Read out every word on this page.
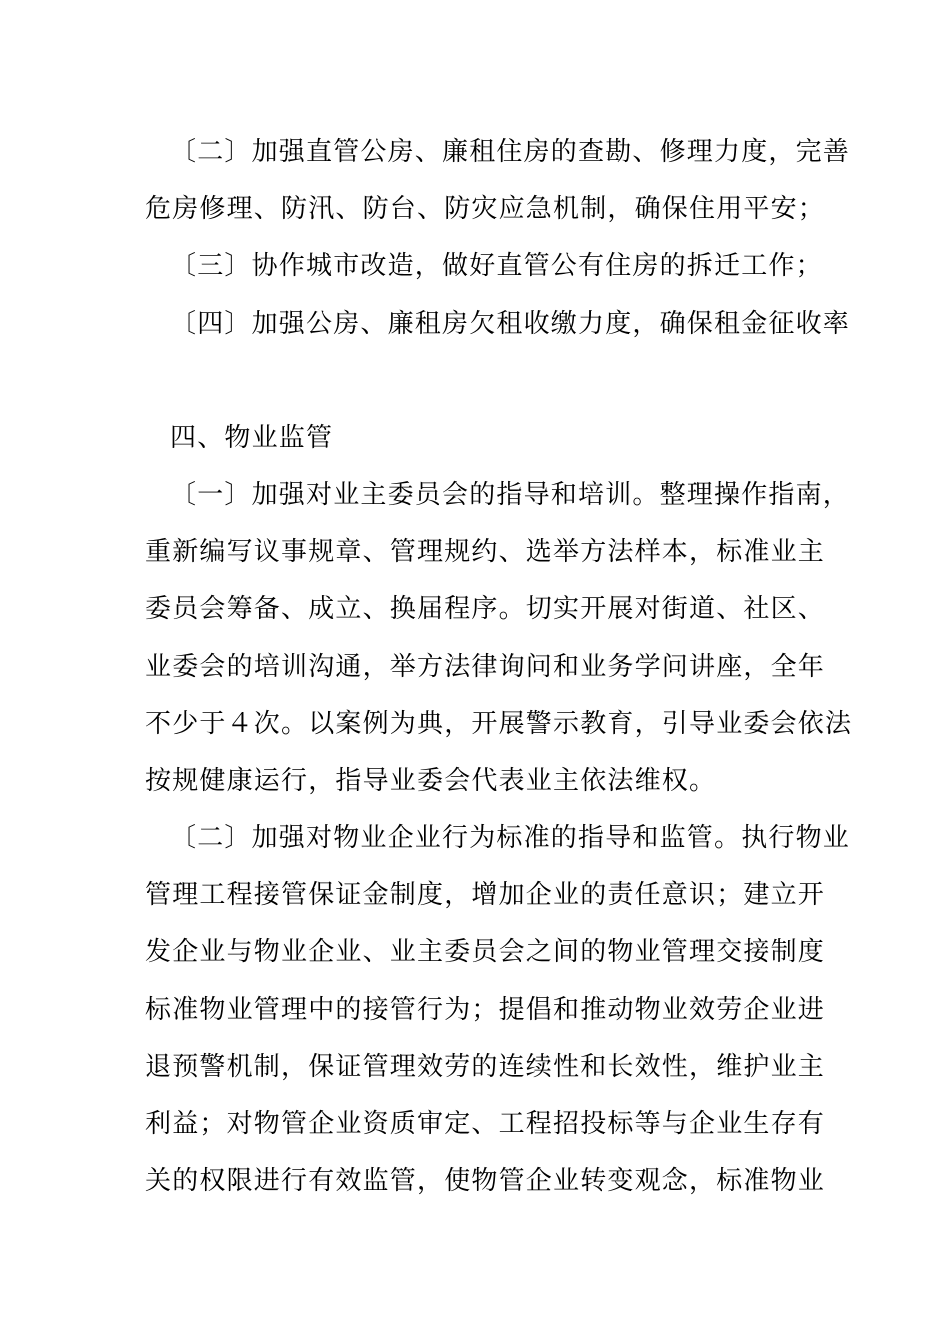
〔二〕加强直管公房、廉租住房的查勘、修理力度，完善
危房修理、防汛、防台、防灾应急机制，确保住用平安；
〔三〕协作城市改造，做好直管公有住房的拆迁工作；
〔四〕加强公房、廉租房欠租收缴力度，确保租金征收率
四、物业监管
〔一〕加强对业主委员会的指导和培训。整理操作指南，
重新编写议事规章、管理规约、选举方法样本，标准业主
委员会筹备、成立、换届程序。切实开展对街道、社区、
业委会的培训沟通，举方法律询问和业务学问讲座，全年
不少于４次。以案例为典，开展警示教育，引导业委会依法
按规健康运行，指导业委会代表业主依法维权。
〔二〕加强对物业企业行为标准的指导和监管。执行物业
管理工程接管保证金制度，增加企业的责任意识；建立开
发企业与物业企业、业主委员会之间的物业管理交接制度
标准物业管理中的接管行为；提倡和推动物业效劳企业进
退预警机制，保证管理效劳的连续性和长效性，维护业主
利益；对物管企业资质审定、工程招投标等与企业生存有
关的权限进行有效监管，使物管企业转变观念，标准物业
